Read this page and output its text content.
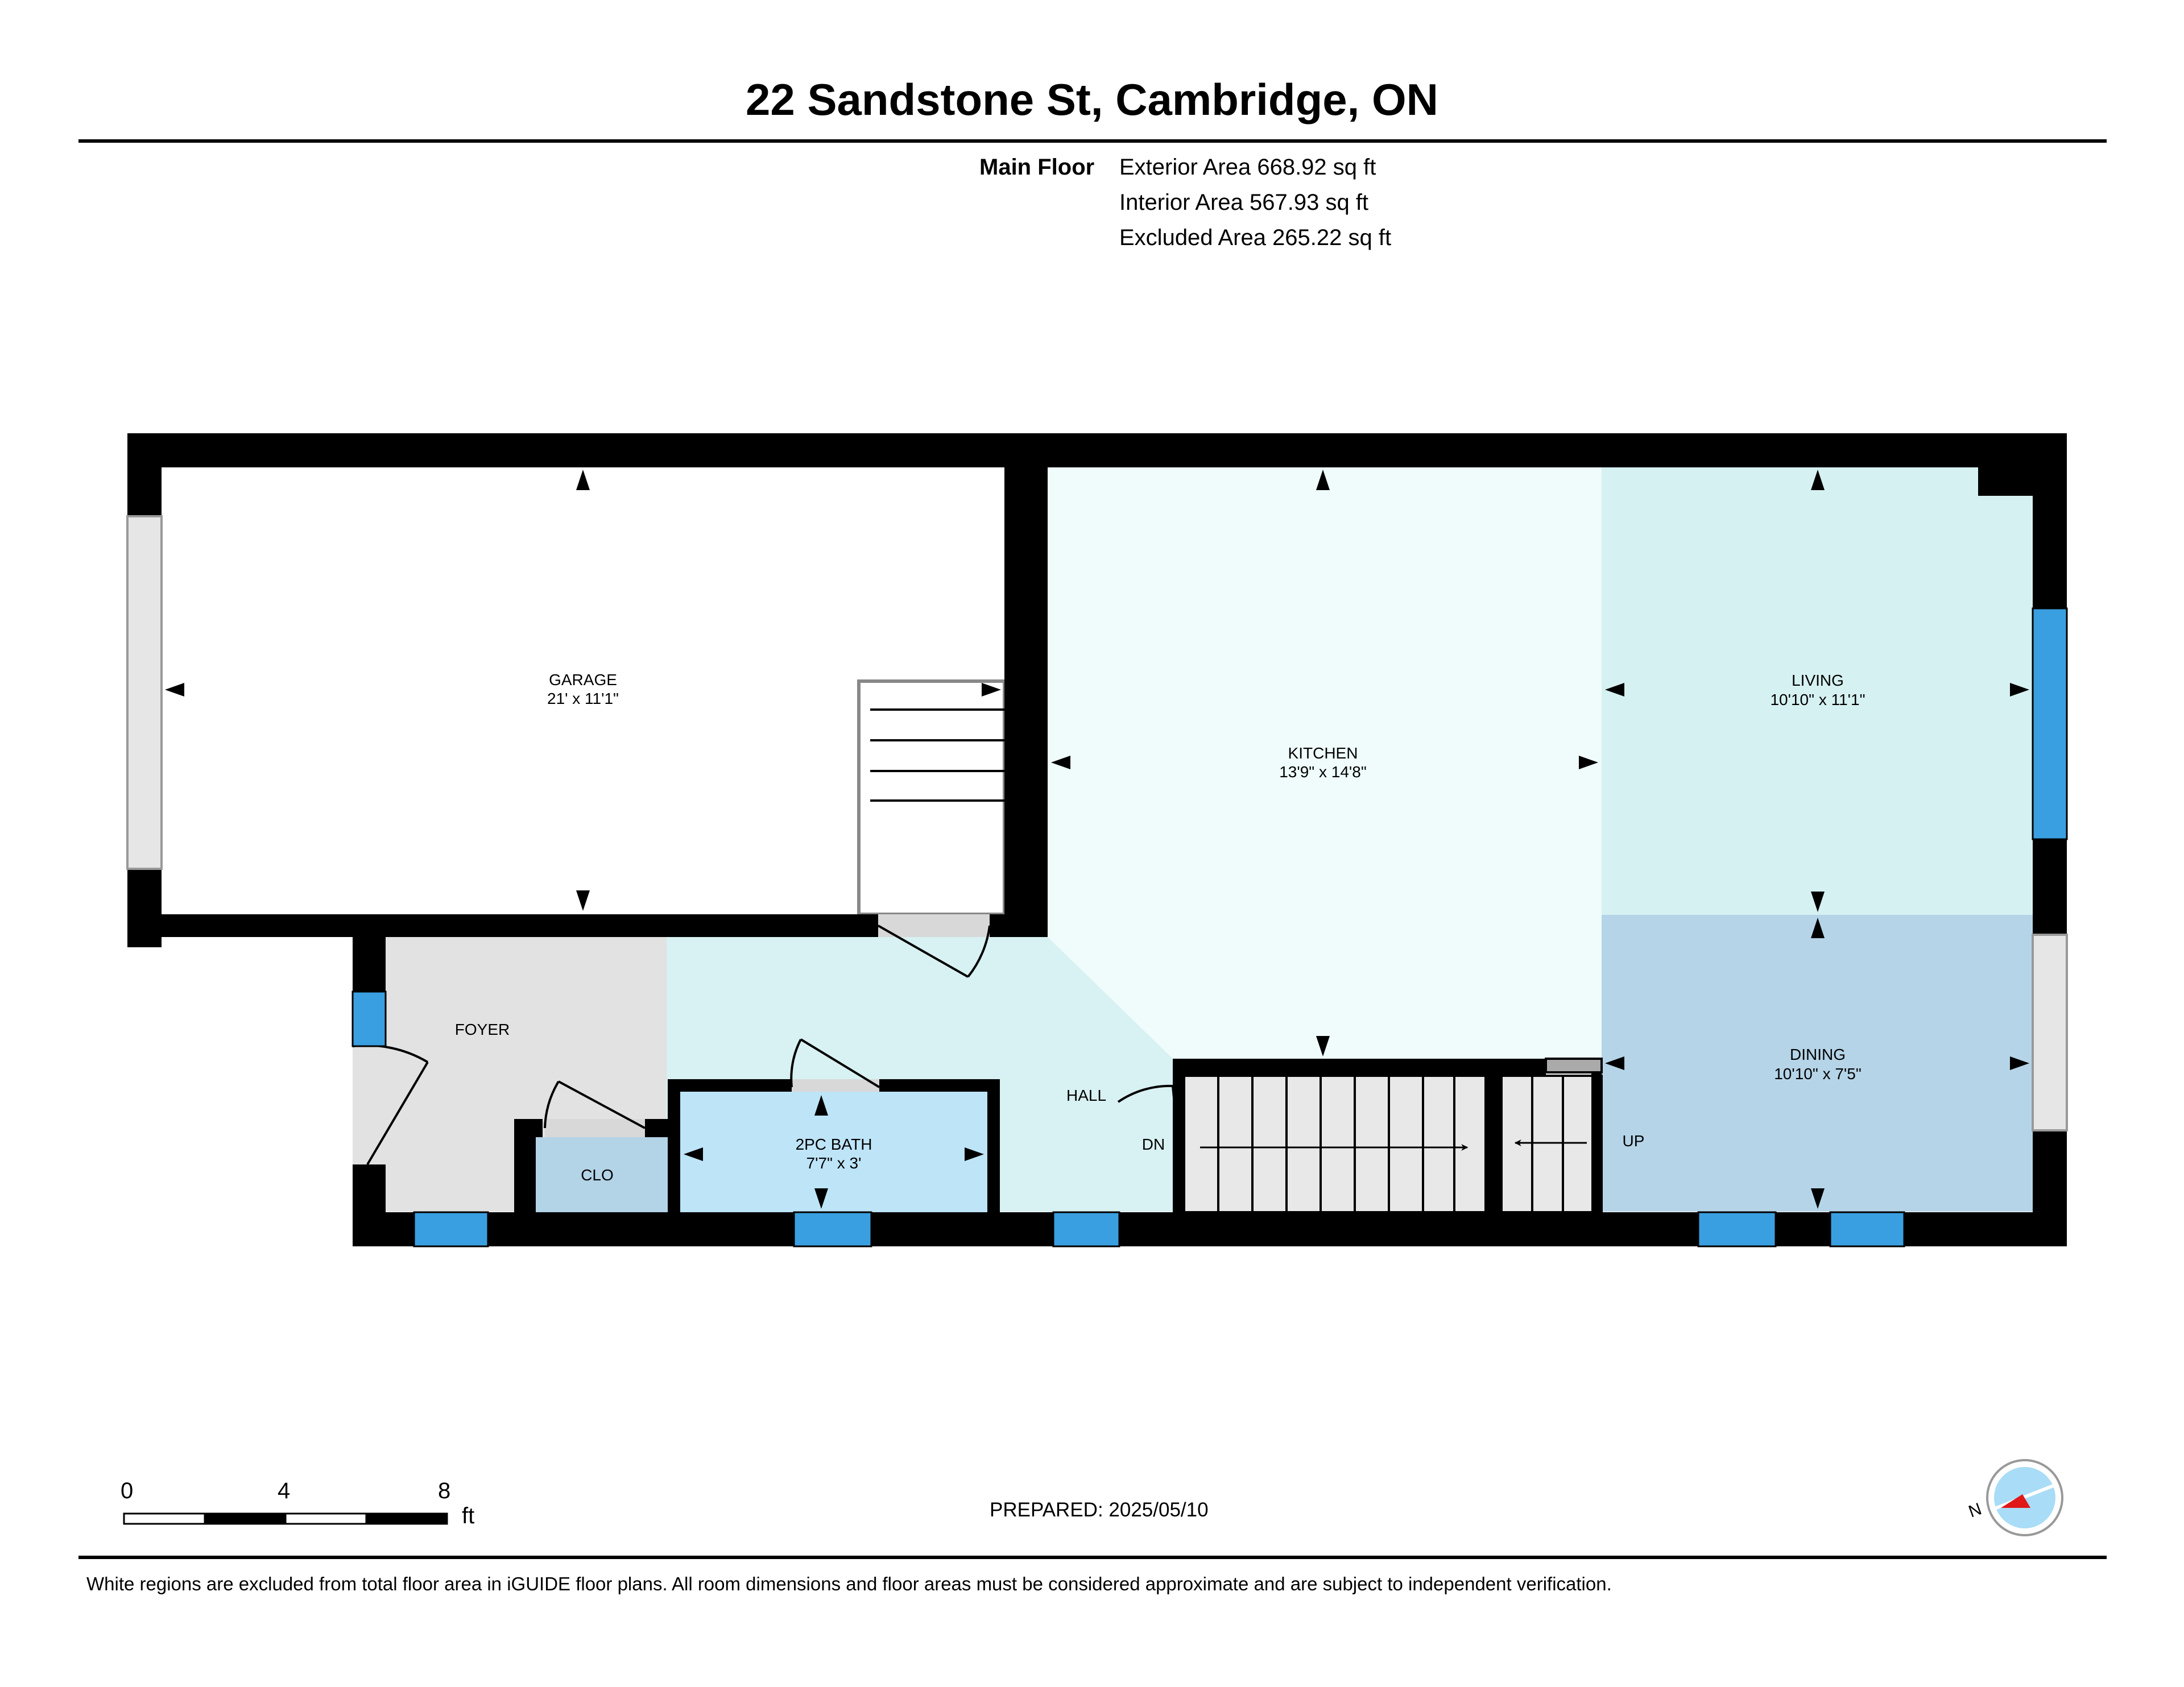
22 Sandstone St, Cambridge, ON
Main Floor Exterior Area 668.92 sq ft
Interior Area 567.93 sq ft
Excluded Area 265.22 sq ft
GARAGE
21' x 11'1"
KITCHEN
13'9" x 14'8"
LIVING
10'10" x 11'1"
DINING
10'10" x 7'5"
FOYER
2PC BATH
7'7" x 3'
CLO
HALL
DN	UP
0	4	8
ft	N
PREPARED: 2025/05/10
White regions are excluded from total floor area in iGUIDE floor plans. All room dimensions and floor areas must be considered approximate and are subject to independent verification.
